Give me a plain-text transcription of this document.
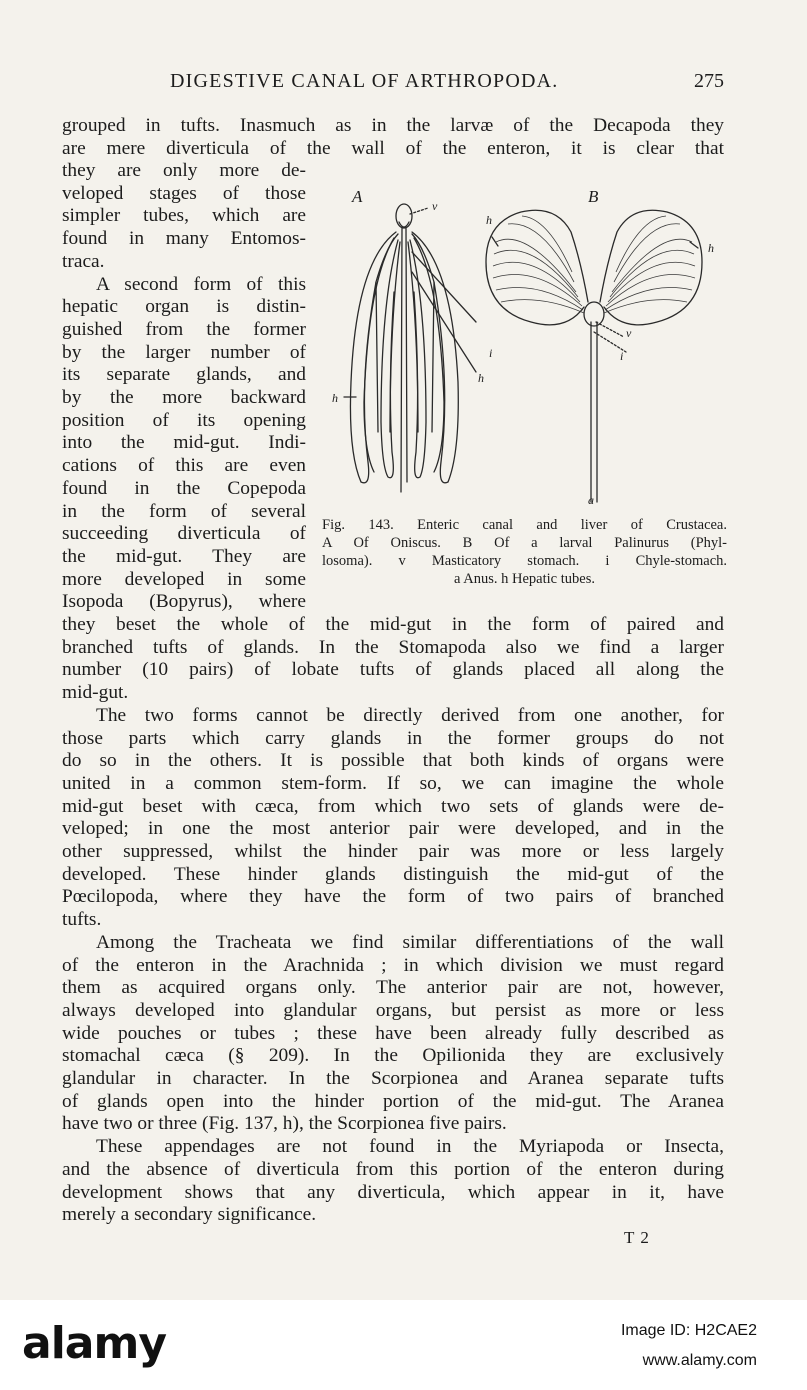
DIGESTIVE CANAL OF ARTHROPODA.	275

grouped in tufts. Inasmuch as in the larvæ of the Decapoda they

are mere diverticula of the wall of the enteron, it is clear that

they are only more de-

veloped stages of those

simpler tubes, which are

found in many Entomos-

traca.

A second form of this

hepatic organ is distin-

guished from the former

by the larger number of

its separate glands, and

by the more backward

position of its opening

into the mid-gut. Indi-

cations of this are even

found in the Copepoda

in the form of several

succeeding diverticula of

the mid-gut. They are

more developed in some

Isopoda (Bopyrus), where

A	B
v
h
i
h
h
h
v
i
a

Fig. 143. Enteric canal and liver of Crustacea.

A Of Oniscus. B Of a larval Palinurus (Phyl-

losoma). v Masticatory stomach. i Chyle-stomach.

a Anus. h Hepatic tubes.

they beset the whole of the mid-gut in the form of paired and

branched tufts of glands. In the Stomapoda also we find a larger

number (10 pairs) of lobate tufts of glands placed all along the

mid-gut.

The two forms cannot be directly derived from one another, for

those parts which carry glands in the former groups do not

do so in the others. It is possible that both kinds of organs were

united in a common stem-form. If so, we can imagine the whole

mid-gut beset with cæca, from which two sets of glands were de-

veloped; in one the most anterior pair were developed, and in the

other suppressed, whilst the hinder pair was more or less largely

developed. These hinder glands distinguish the mid-gut of the

Pœcilopoda, where they have the form of two pairs of branched

tufts.

Among the Tracheata we find similar differentiations of the wall

of the enteron in the Arachnida ; in which division we must regard

them as acquired organs only. The anterior pair are not, however,

always developed into glandular organs, but persist as more or less

wide pouches or tubes ; these have been already fully described as

stomachal cæca (§ 209). In the Opilionida they are exclusively

glandular in character. In the Scorpionea and Aranea separate tufts

of glands open into the hinder portion of the mid-gut. The Aranea

have two or three (Fig. 137, h), the Scorpionea five pairs.

These appendages are not found in the Myriapoda or Insecta,

and the absence of diverticula from this portion of the enteron during

development shows that any diverticula, which appear in it, have

merely a secondary significance.

T 2
alamy	Image ID: H2CAE2
www.alamy.com
